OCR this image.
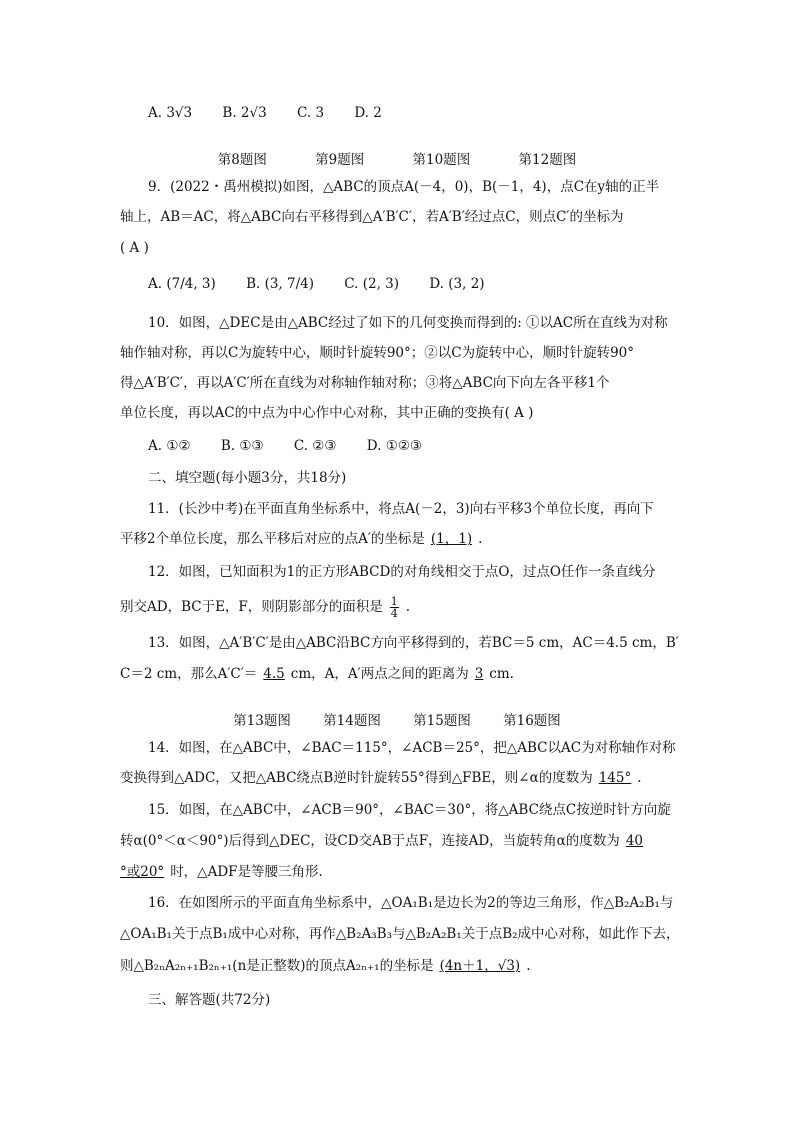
A. 3√3 B. 2√3 C. 3 D. 2
第8题图	第9题图	第10题图	第12题图
9．(2022・禹州模拟)如图，△ABC的顶点A(－4，0)，B(－1，4)，点C在y轴的正半
轴上，AB＝AC，将△ABC向右平移得到△A′B′C′，若A′B′经过点C，则点C′的坐标为
( A )
A. (7/4, 3) B. (3, 7/4) C. (2, 3) D. (3, 2)
10．如图，△DEC是由△ABC经过了如下的几何变换而得到的: ①以AC所在直线为对称
轴作轴对称，再以C为旋转中心，顺时针旋转90°；②以C为旋转中心，顺时针旋转90°
得△A′B′C′，再以A′C′所在直线为对称轴作轴对称；③将△ABC向下向左各平移1个
单位长度，再以AC的中点为中心作中心对称，其中正确的变换有( A )
A. ①② B. ①③ C. ②③ D. ①②③
二、填空题(每小题3分，共18分)
11．(长沙中考)在平面直角坐标系中，将点A(－2，3)向右平移3个单位长度，再向下
平移2个单位长度，那么平移后对应的点A′的坐标是 (1，1) .
12．如图，已知面积为1的正方形ABCD的对角线相交于点O，过点O任作一条直线分
别交AD，BC于E，F，则阴影部分的面积是 $\frac{1}{4}$ .
13．如图，△A′B′C′是由△ABC沿BC方向平移得到的，若BC＝5 cm，AC＝4.5 cm，B′
C＝2 cm，那么A′C′＝ 4.5 cm，A，A′两点之间的距离为 3 cm.
第13题图 第14题图 第15题图 第16题图
14．如图，在△ABC中，∠BAC＝115°，∠ACB＝25°，把△ABC以AC为对称轴作对称
变换得到△ADC，又把△ABC绕点B逆时针旋转55°得到△FBE，则∠α的度数为 145° .
15．如图，在△ABC中，∠ACB＝90°，∠BAC＝30°，将△ABC绕点C按逆时针方向旋
转α(0°＜α＜90°)后得到△DEC，设CD交AB于点F，连接AD，当旋转角α的度数为 40
°或20° 时，△ADF是等腰三角形.
16．在如图所示的平面直角坐标系中，△OA₁B₁是边长为2的等边三角形，作△B₂A₂B₁与
△OA₁B₁关于点B₁成中心对称，再作△B₂A₃B₃与△B₂A₂B₁关于点B₂成中心对称，如此作下去，
则△B₂ₙA₂ₙ₊₁B₂ₙ₊₁(n是正整数)的顶点A₂ₙ₊₁的坐标是 (4n＋1，√3) .
三、解答题(共72分)
